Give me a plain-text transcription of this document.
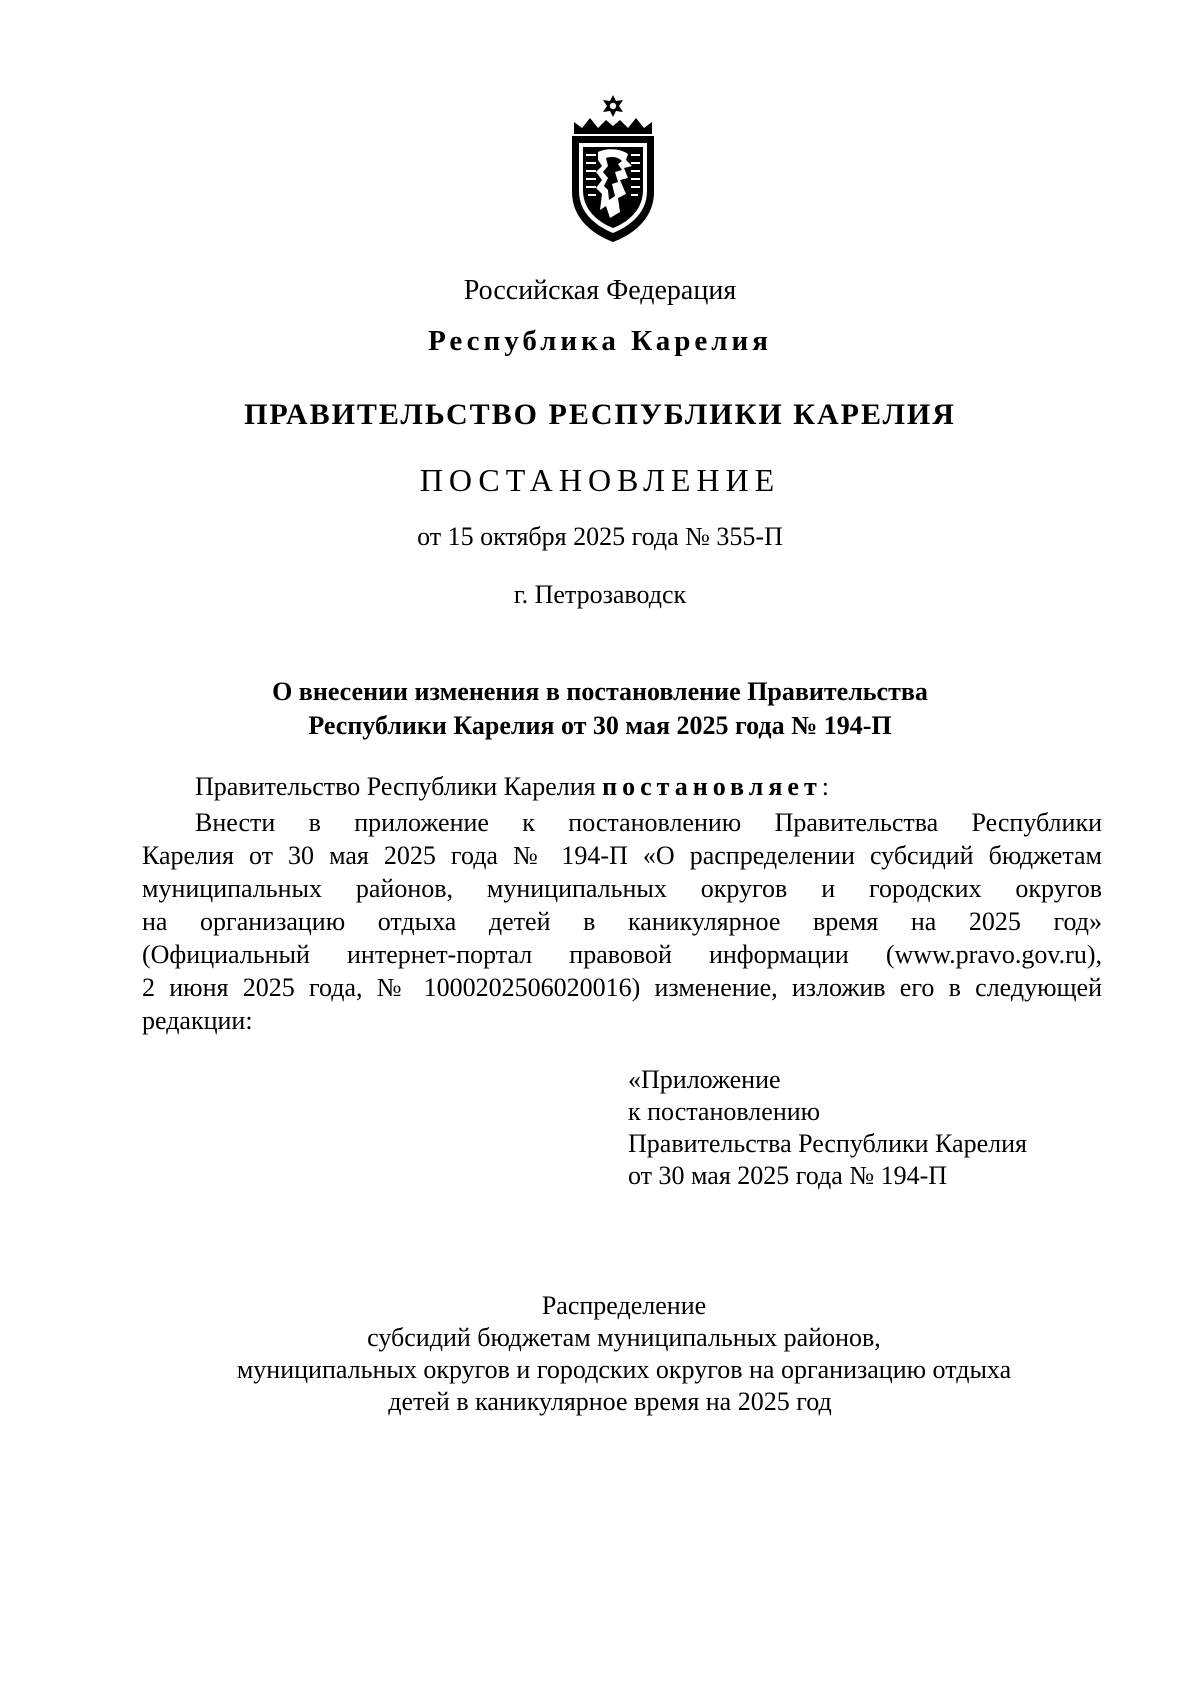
Российская Федерация
Республика Карелия
ПРАВИТЕЛЬСТВО РЕСПУБЛИКИ КАРЕЛИЯ
ПОСТАНОВЛЕНИЕ
от 15 октября 2025 года № 355-П
г. Петрозаводск
О внесении изменения в постановление Правительства
Республики Карелия от 30 мая 2025 года № 194-П
Правительство Республики Карелия постановляет:
Внести в приложение к постановлению Правительства Республики
Карелия от 30 мая 2025 года № 194-П «О распределении субсидий бюджетам
муниципальных районов, муниципальных округов и городских округов
на организацию отдыха детей в каникулярное время на 2025 год»
(Официальный интернет-портал правовой информации (www.pravo.gov.ru),
2 июня 2025 года, № 1000202506020016) изменение, изложив его в следующей
редакции:
«Приложение
к постановлению
Правительства Республики Карелия
от 30 мая 2025 года № 194-П
Распределение
субсидий бюджетам муниципальных районов,
муниципальных округов и городских округов на организацию отдыха
детей в каникулярное время на 2025 год
